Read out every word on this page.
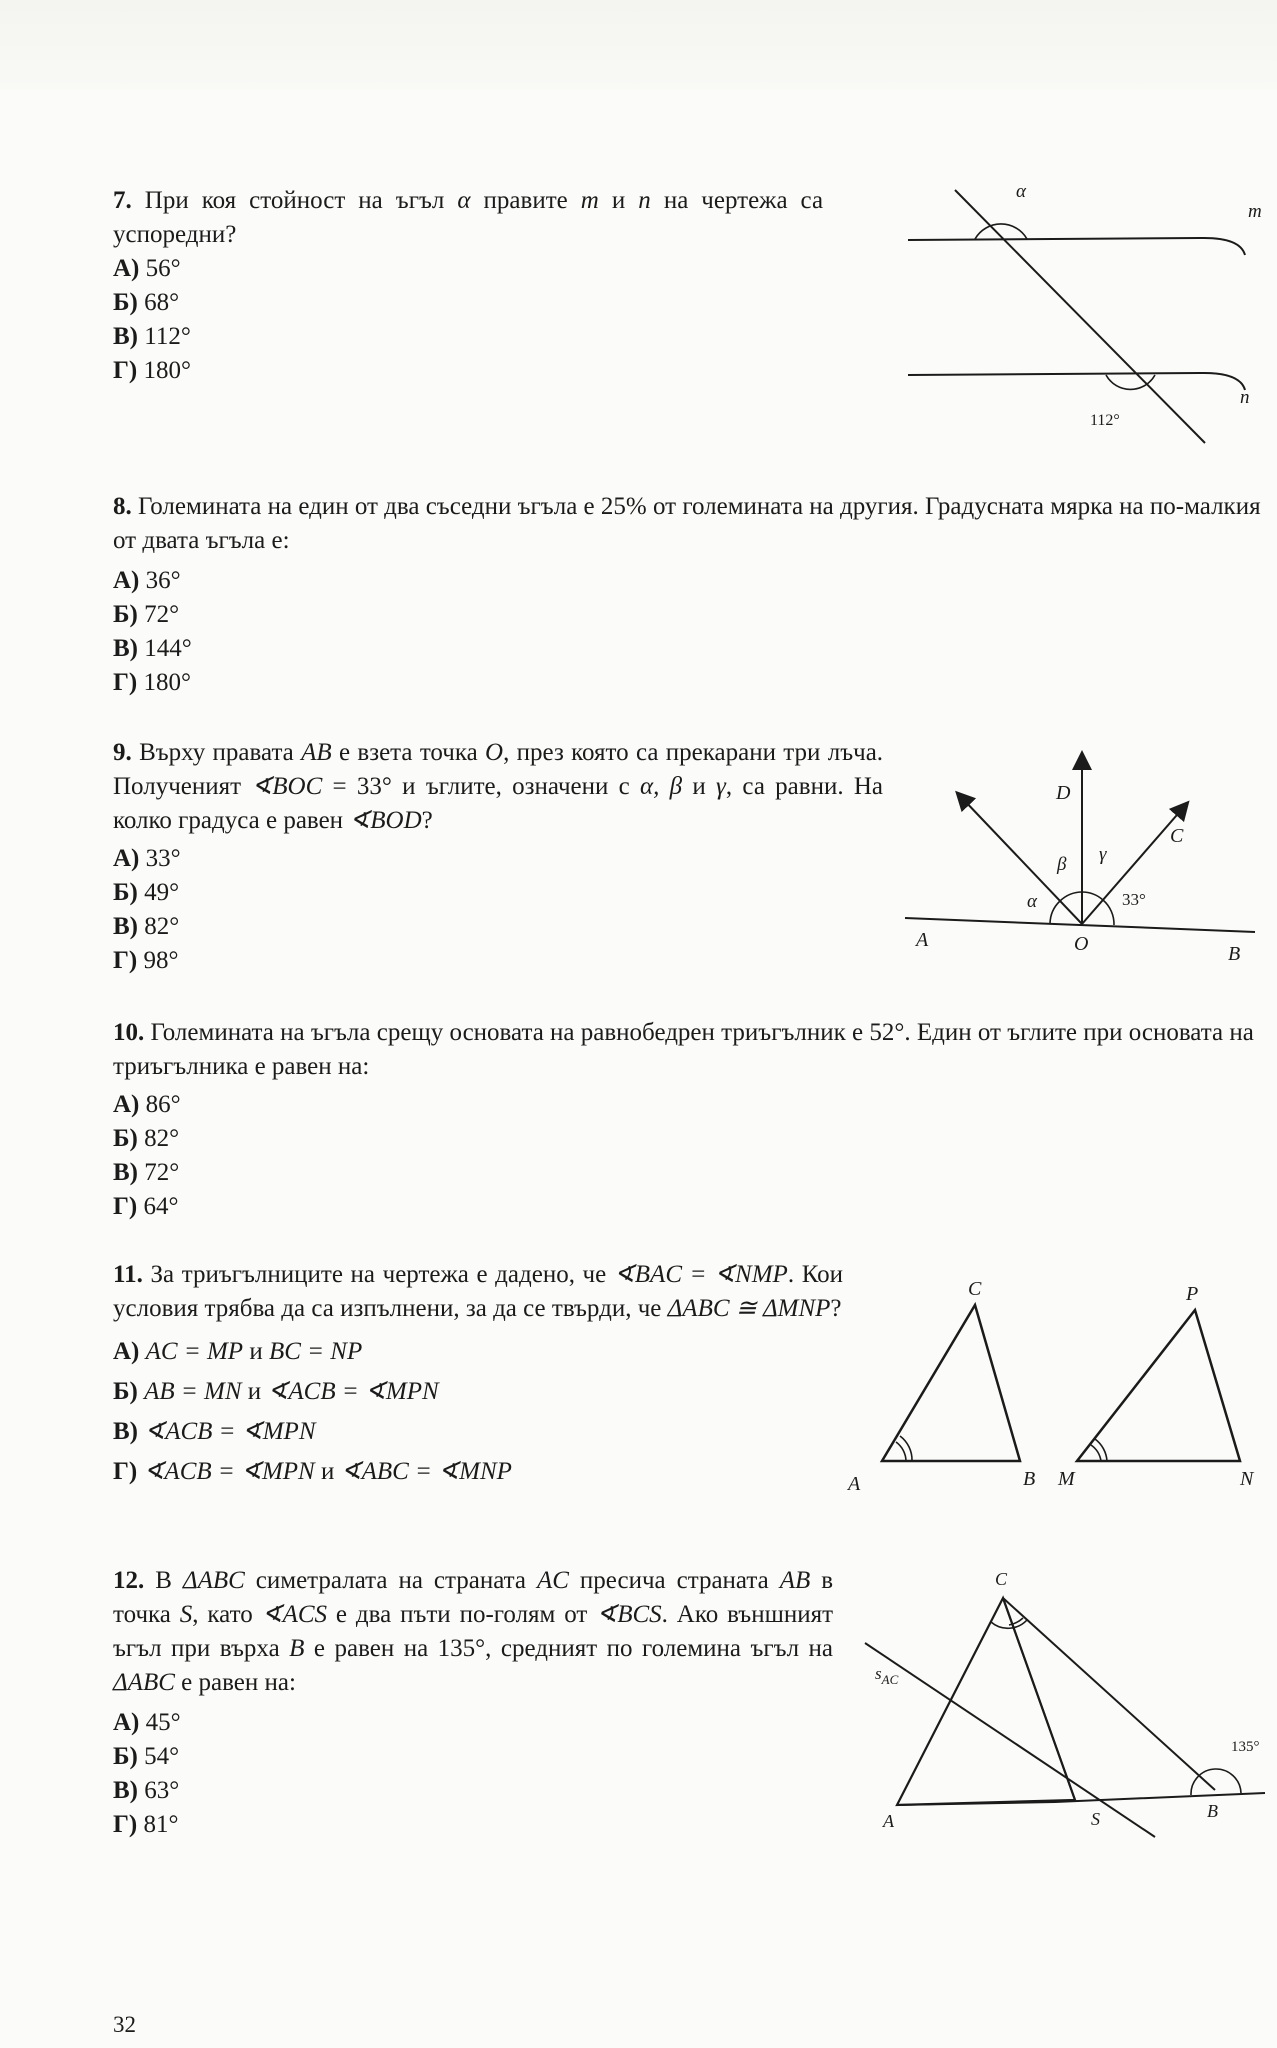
7. При коя стойност на ъгъл α правите m и n на чертежа са успоредни?
А) 56°
Б) 68°
В) 112°
Г) 180°
α
m
n
112°
8. Големината на един от два съседни ъгъла е 25% от големината на другия. Градусната мярка на по-малкия от двата ъгъла е:
А) 36°
Б) 72°
В) 144°
Г) 180°
9. Върху правата AB е взета точка O, през която са прекарани три лъча. Полученият ∢BOC = 33° и ъглите, означени с α, β и γ, са равни. На колко градуса е равен ∢BOD?
А) 33°
Б) 49°
В) 82°
Г) 98°
A	O	B
C
D
α
β γ
33°
10. Големината на ъгъла срещу основата на равнобедрен триъгълник е 52°. Един от ъглите при основата на триъгълника е равен на:
А) 86°
Б) 82°
В) 72°
Г) 64°
11. За триъгълниците на чертежа е дадено, че ∢BAC = ∢NMP. Кои условия трябва да са изпълнени, за да се твърди, че ΔABC ≅ ΔMNP?
А) AC = MP и BC = NP
Б) AB = MN и ∢ACB = ∢MPN
В) ∢ACB = ∢MPN
Г) ∢ACB = ∢MPN и ∢ABC = ∢MNP	A	B
C
M	N
P
12. В ΔABC симетралата на страната AC пресича страната AB в точка S, като ∢ACS е два пъти по-голям от ∢BCS. Ако външният ъгъл при върха B е равен на 135°, средният по големина ъгъл на ΔABC е равен на:
А) 45°
Б) 54°
В) 63°
Г) 81°
C
A	S	B
$s_{AC}$
135°
32
